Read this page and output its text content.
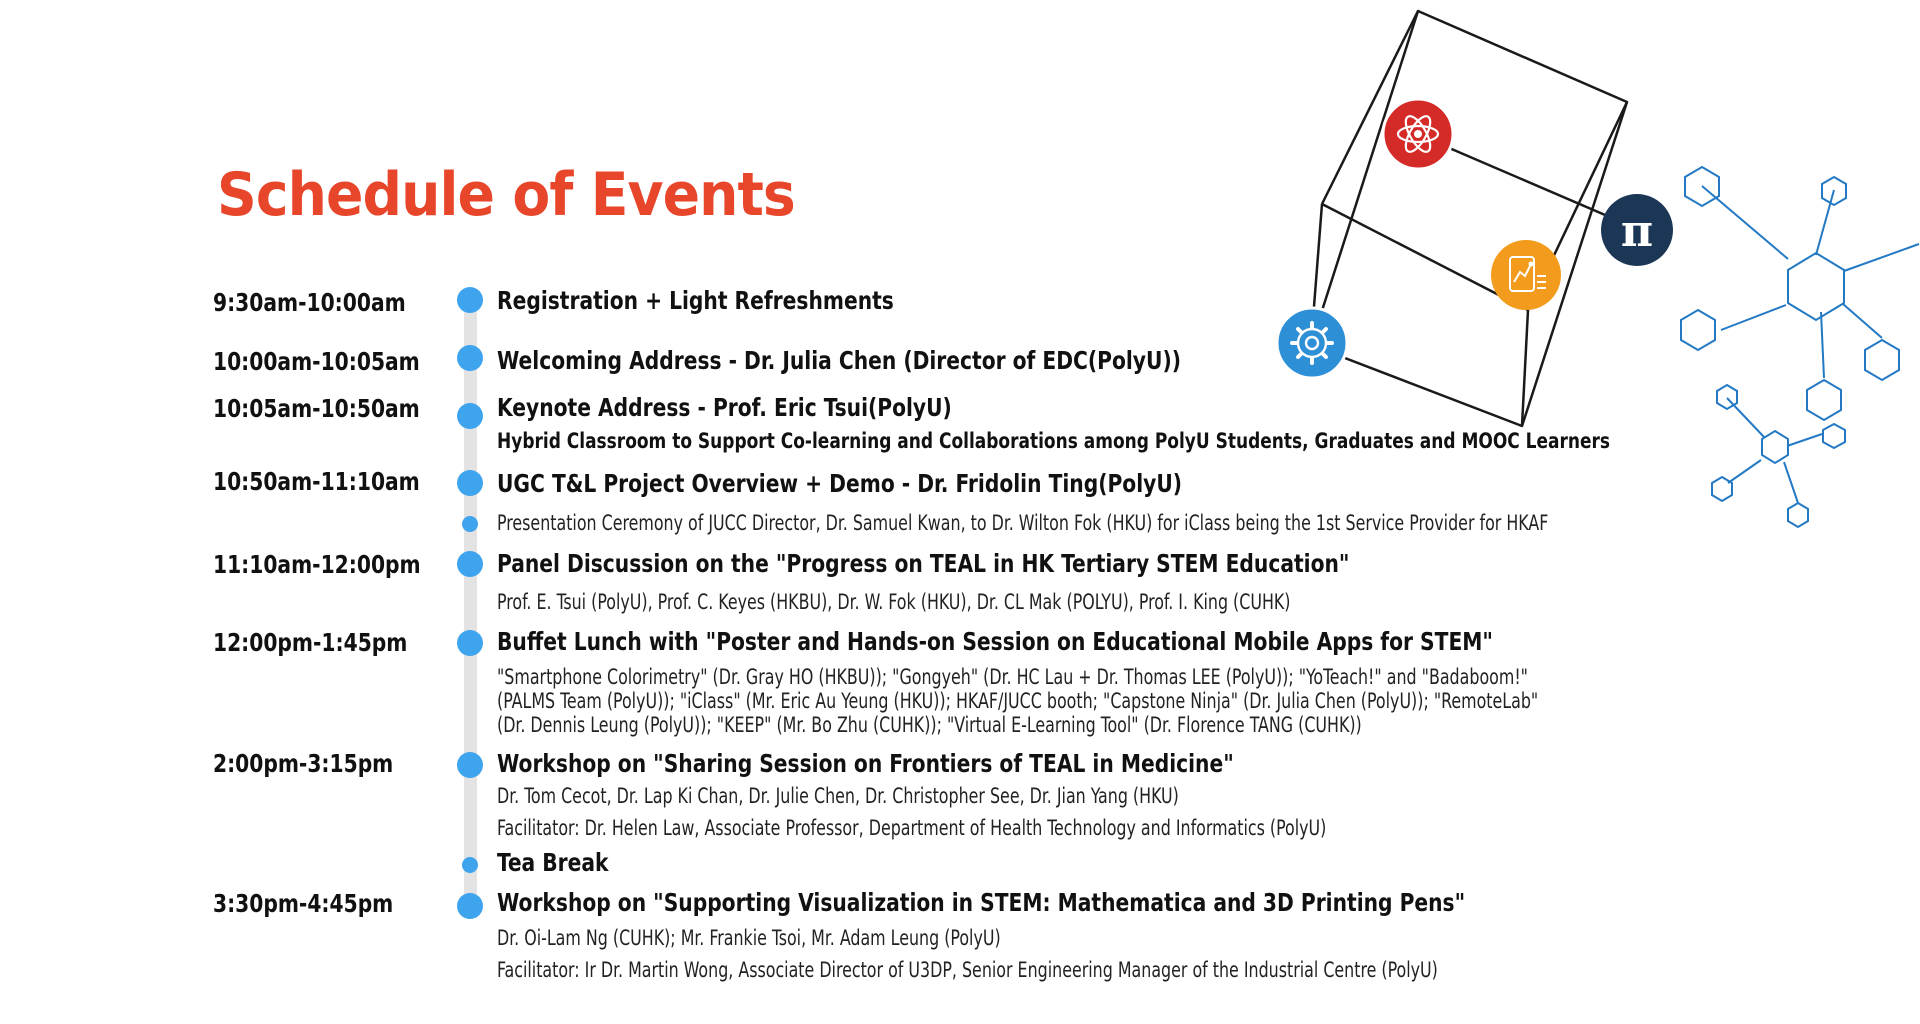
Schedule of Events
π
9:30am-10:00am	Registration + Light Refreshments
10:00am-10:05am	Welcoming Address - Dr. Julia Chen (Director of EDC(PolyU))
10:05am-10:50am	Keynote Address - Prof. Eric Tsui(PolyU)
Hybrid Classroom to Support Co-learning and Collaborations among PolyU Students, Graduates and MOOC Learners
10:50am-11:10am	UGC T&L Project Overview + Demo - Dr. Fridolin Ting(PolyU)
Presentation Ceremony of JUCC Director, Dr. Samuel Kwan, to Dr. Wilton Fok (HKU) for iClass being the 1st Service Provider for HKAF
11:10am-12:00pm	Panel Discussion on the "Progress on TEAL in HK Tertiary STEM Education"
Prof. E. Tsui (PolyU), Prof. C. Keyes (HKBU), Dr. W. Fok (HKU), Dr. CL Mak (POLYU), Prof. I. King (CUHK)
12:00pm-1:45pm	Buffet Lunch with "Poster and Hands-on Session on Educational Mobile Apps for STEM"
"Smartphone Colorimetry" (Dr. Gray HO (HKBU)); "Gongyeh" (Dr. HC Lau + Dr. Thomas LEE (PolyU)); "YoTeach!" and "Badaboom!"
(PALMS Team (PolyU)); "iClass" (Mr. Eric Au Yeung (HKU)); HKAF/JUCC booth; "Capstone Ninja" (Dr. Julia Chen (PolyU)); "RemoteLab"
(Dr. Dennis Leung (PolyU)); "KEEP" (Mr. Bo Zhu (CUHK)); "Virtual E-Learning Tool" (Dr. Florence TANG (CUHK))
2:00pm-3:15pm	Workshop on "Sharing Session on Frontiers of TEAL in Medicine"
Dr. Tom Cecot, Dr. Lap Ki Chan, Dr. Julie Chen, Dr. Christopher See, Dr. Jian Yang (HKU)
Facilitator: Dr. Helen Law, Associate Professor, Department of Health Technology and Informatics (PolyU)
Tea Break
3:30pm-4:45pm	Workshop on "Supporting Visualization in STEM: Mathematica and 3D Printing Pens"
Dr. Oi-Lam Ng (CUHK); Mr. Frankie Tsoi, Mr. Adam Leung (PolyU)
Facilitator: Ir Dr. Martin Wong, Associate Director of U3DP, Senior Engineering Manager of the Industrial Centre (PolyU)
